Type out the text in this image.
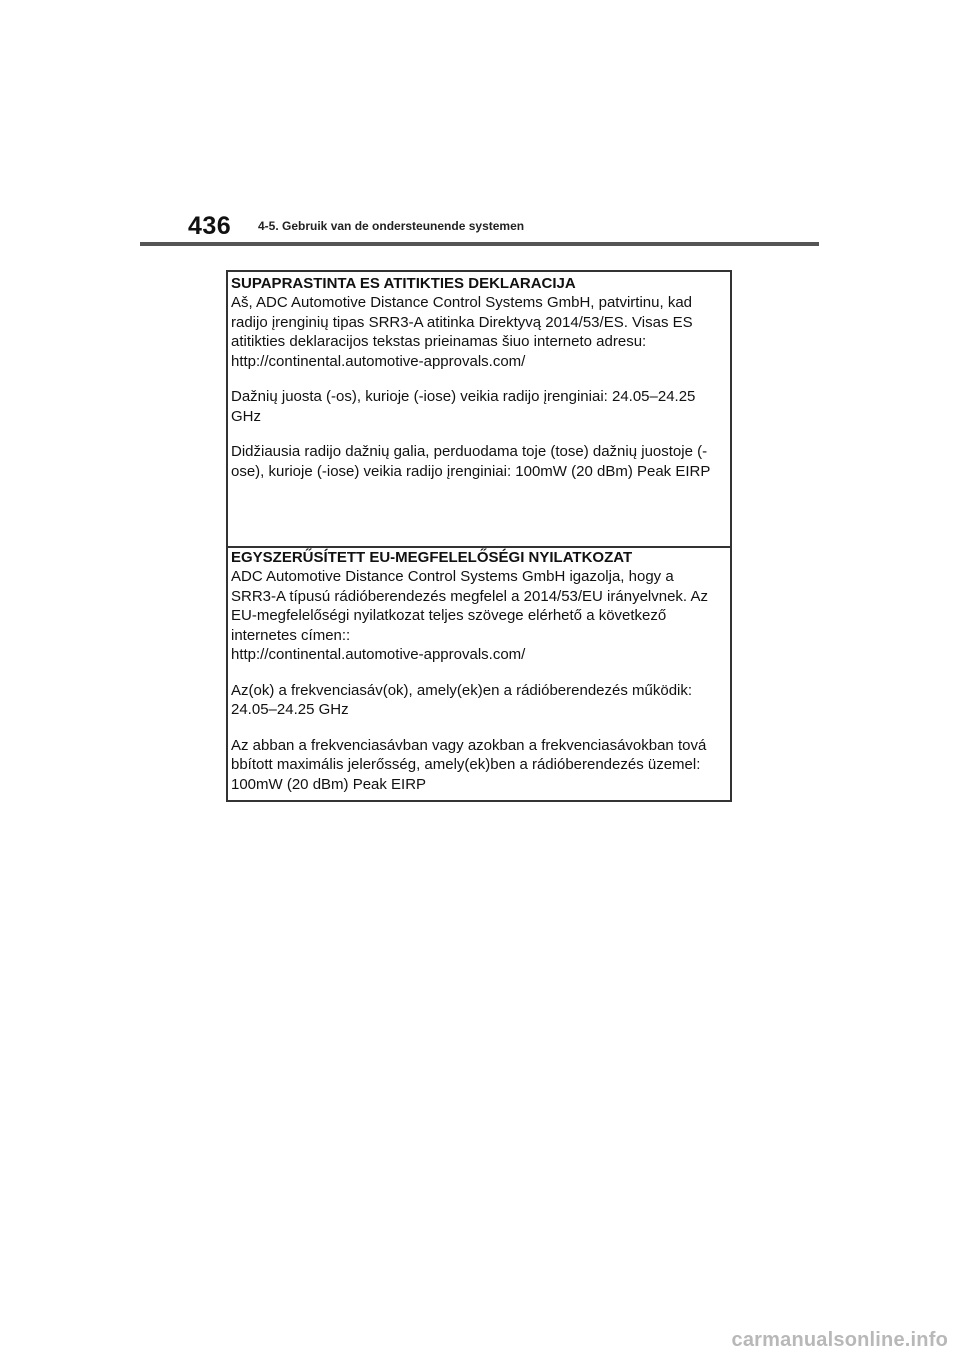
436 4-5. Gebruik van de ondersteunende systemen

SUPAPRASTINTA ES ATITIKTIES DEKLARACIJA

Aš, ADC Automotive Distance Control Systems GmbH, patvirtinu, kad

radijo įrenginių tipas SRR3-A atitinka Direktyvą 2014/53/ES. Visas ES

atitikties deklaracijos tekstas prieinamas šiuo interneto adresu:

http://continental.automotive-approvals.com/

Dažnių juosta (-os), kurioje (-iose) veikia radijo įrenginiai: 24.05–24.25

GHz

Didžiausia radijo dažnių galia, perduodama toje (tose) dažnių juostoje (-

ose), kurioje (-iose) veikia radijo įrenginiai: 100mW (20 dBm) Peak EIRP

EGYSZERŰSÍTETT EU-MEGFELELŐSÉGI NYILATKOZAT

ADC Automotive Distance Control Systems GmbH igazolja, hogy a

SRR3-A típusú rádióberendezés megfelel a 2014/53/EU irányelvnek. Az

EU-megfelelőségi nyilatkozat teljes szövege elérhető a következő

internetes címen::

http://continental.automotive-approvals.com/

Az(ok) a frekvenciasáv(ok), amely(ek)en a rádióberendezés működik:

24.05–24.25 GHz

Az abban a frekvenciasávban vagy azokban a frekvenciasávokban tová

bbított maximális jelerősség, amely(ek)ben a rádióberendezés üzemel:

100mW (20 dBm) Peak EIRP

carmanualsonline.info
